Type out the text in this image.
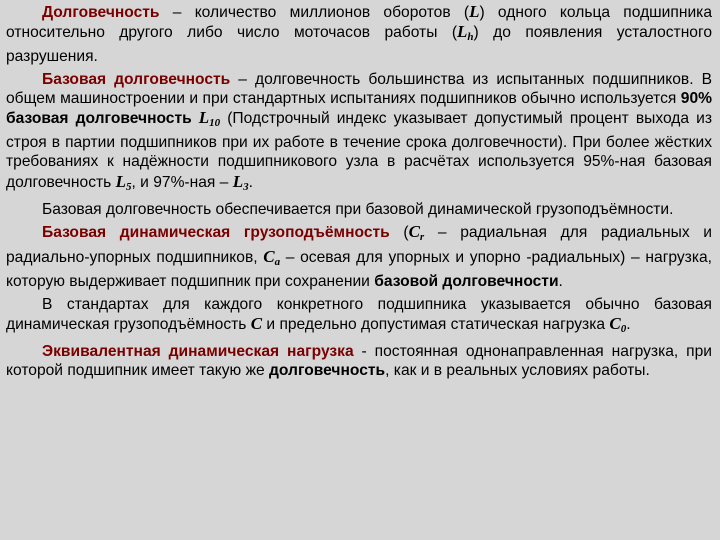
Долговечность – количество миллионов оборотов (L) одного кольца подшипника относительно другого либо число моточасов работы $(L_h)$ до появления усталостного разрушения.

Базовая долговечность – долговечность большинства из испытанных подшипников. В общем машиностроении и при стандартных испытаниях подшипников обычно используется 90% базовая долговечность $L_{10}$ (Подстрочный индекс указывает допустимый процент выхода из строя в партии подшипников при их работе в течение срока долговечности). При более жёстких требованиях к надёжности подшипникового узла в расчётах используется 95%-ная базовая долговечность $L_5$, и $97\%-ная - L_3$.

Базовая долговечность обеспечивается при базовой динамической грузоподъёмности.

Базовая динамическая грузоподъёмность ($C_r$ – радиальная для радиальных и радиально-упорных подшипников, $C_a$ – осевая для упорных и упорно -радиальных) – нагрузка, которую выдерживает подшипник при сохранении базовой долговечности.

В стандартах для каждого конкретного подшипника указывается обычно базовая динамическая грузоподъёмность C и предельно допустимая статическая нагрузка $C_0$.

Эквивалентная динамическая нагрузка - постоянная однонаправленная нагрузка, при которой подшипник имеет такую же долговечность, как и в реальных условиях работы.
